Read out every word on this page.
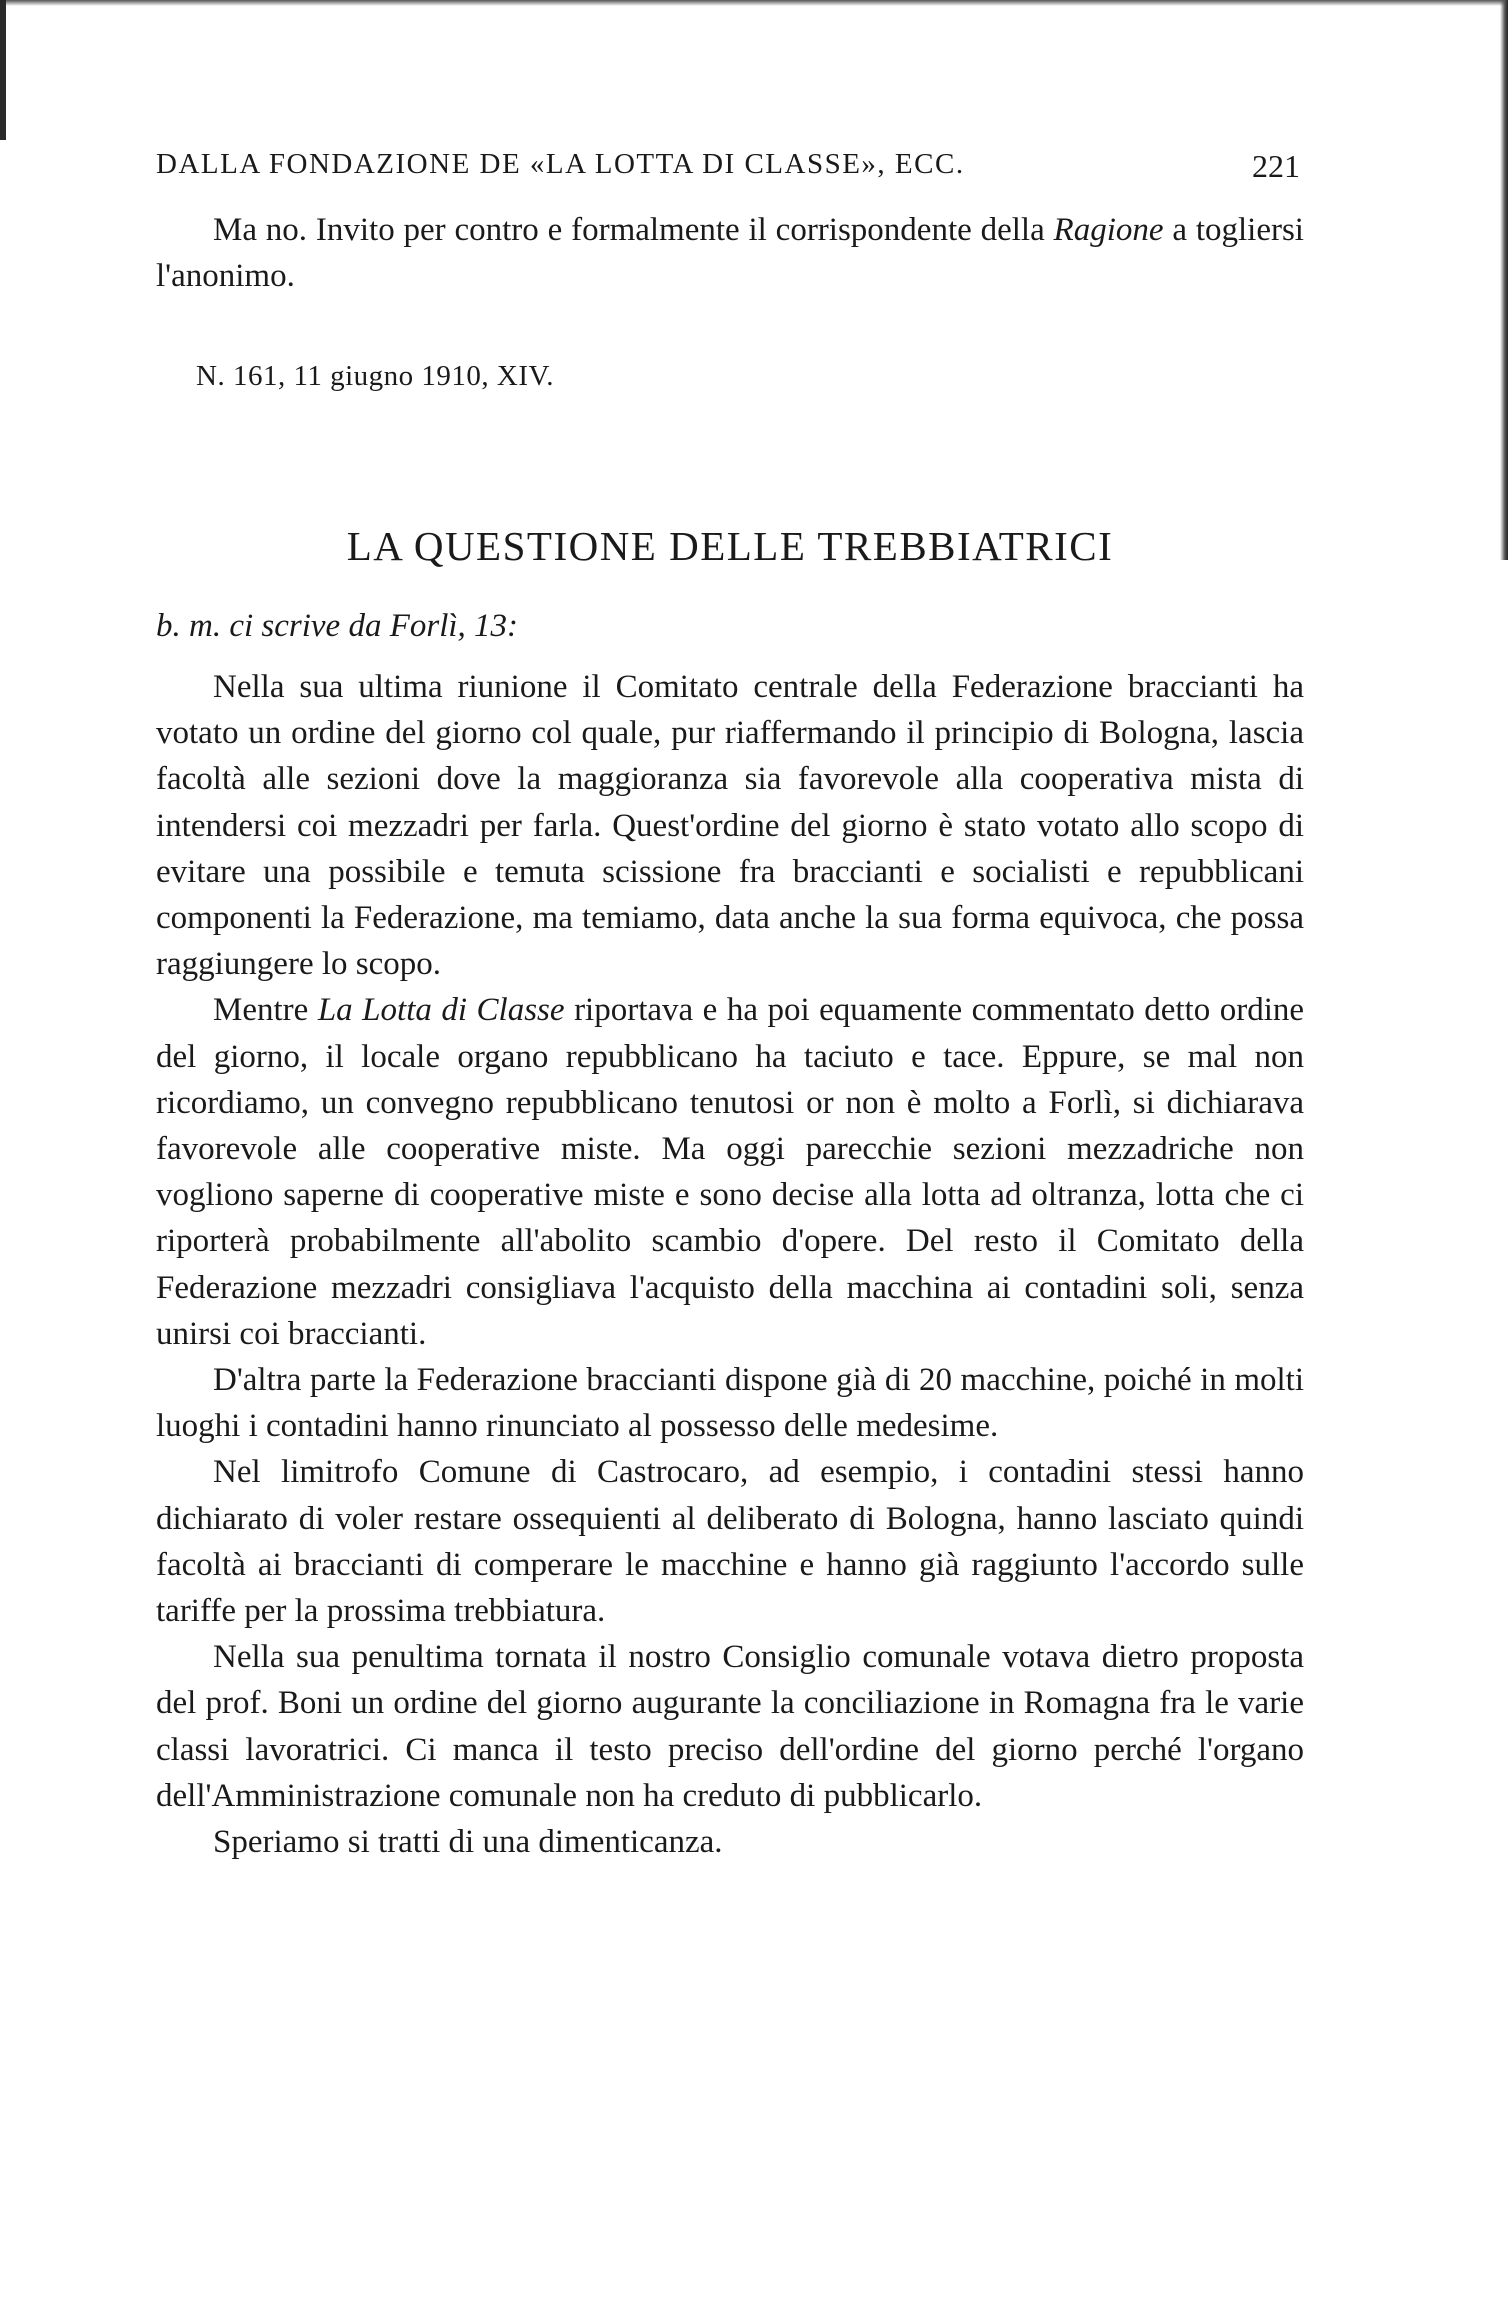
DALLA FONDAZIONE DE «LA LOTTA DI CLASSE», ECC.	221

Ma no. Invito per contro e formalmente il corrispondente della Ragione a togliersi l'anonimo.

N. 161, 11 giugno 1910, XIV.
LA QUESTIONE DELLE TREBBIATRICI
b. m. ci scrive da Forlì, 13:

Nella sua ultima riunione il Comitato centrale della Federazione braccianti ha votato un ordine del giorno col quale, pur riaffermando il principio di Bologna, lascia facoltà alle sezioni dove la maggioranza sia favorevole alla cooperativa mista di intendersi coi mezzadri per farla. Quest'ordine del giorno è stato votato allo scopo di evitare una possibile e temuta scissione fra braccianti e socialisti e repubblicani componenti la Federazione, ma temiamo, data anche la sua forma equivoca, che possa raggiungere lo scopo.

Mentre La Lotta di Classe riportava e ha poi equamente commentato detto ordine del giorno, il locale organo repubblicano ha taciuto e tace. Eppure, se mal non ricordiamo, un convegno repubblicano tenutosi or non è molto a Forlì, si dichiarava favorevole alle cooperative miste. Ma oggi parecchie sezioni mezzadriche non vogliono saperne di cooperative miste e sono decise alla lotta ad oltranza, lotta che ci riporterà probabilmente all'abolito scambio d'opere. Del resto il Comitato della Federazione mezzadri consigliava l'acquisto della macchina ai contadini soli, senza unirsi coi braccianti.

D'altra parte la Federazione braccianti dispone già di 20 macchine, poiché in molti luoghi i contadini hanno rinunciato al possesso delle medesime.

Nel limitrofo Comune di Castrocaro, ad esempio, i contadini stessi hanno dichiarato di voler restare ossequienti al deliberato di Bologna, hanno lasciato quindi facoltà ai braccianti di comperare le macchine e hanno già raggiunto l'accordo sulle tariffe per la prossima trebbiatura.

Nella sua penultima tornata il nostro Consiglio comunale votava dietro proposta del prof. Boni un ordine del giorno augurante la conciliazione in Romagna fra le varie classi lavoratrici. Ci manca il testo preciso dell'ordine del giorno perché l'organo dell'Amministrazione comunale non ha creduto di pubblicarlo.

Speriamo si tratti di una dimenticanza.
